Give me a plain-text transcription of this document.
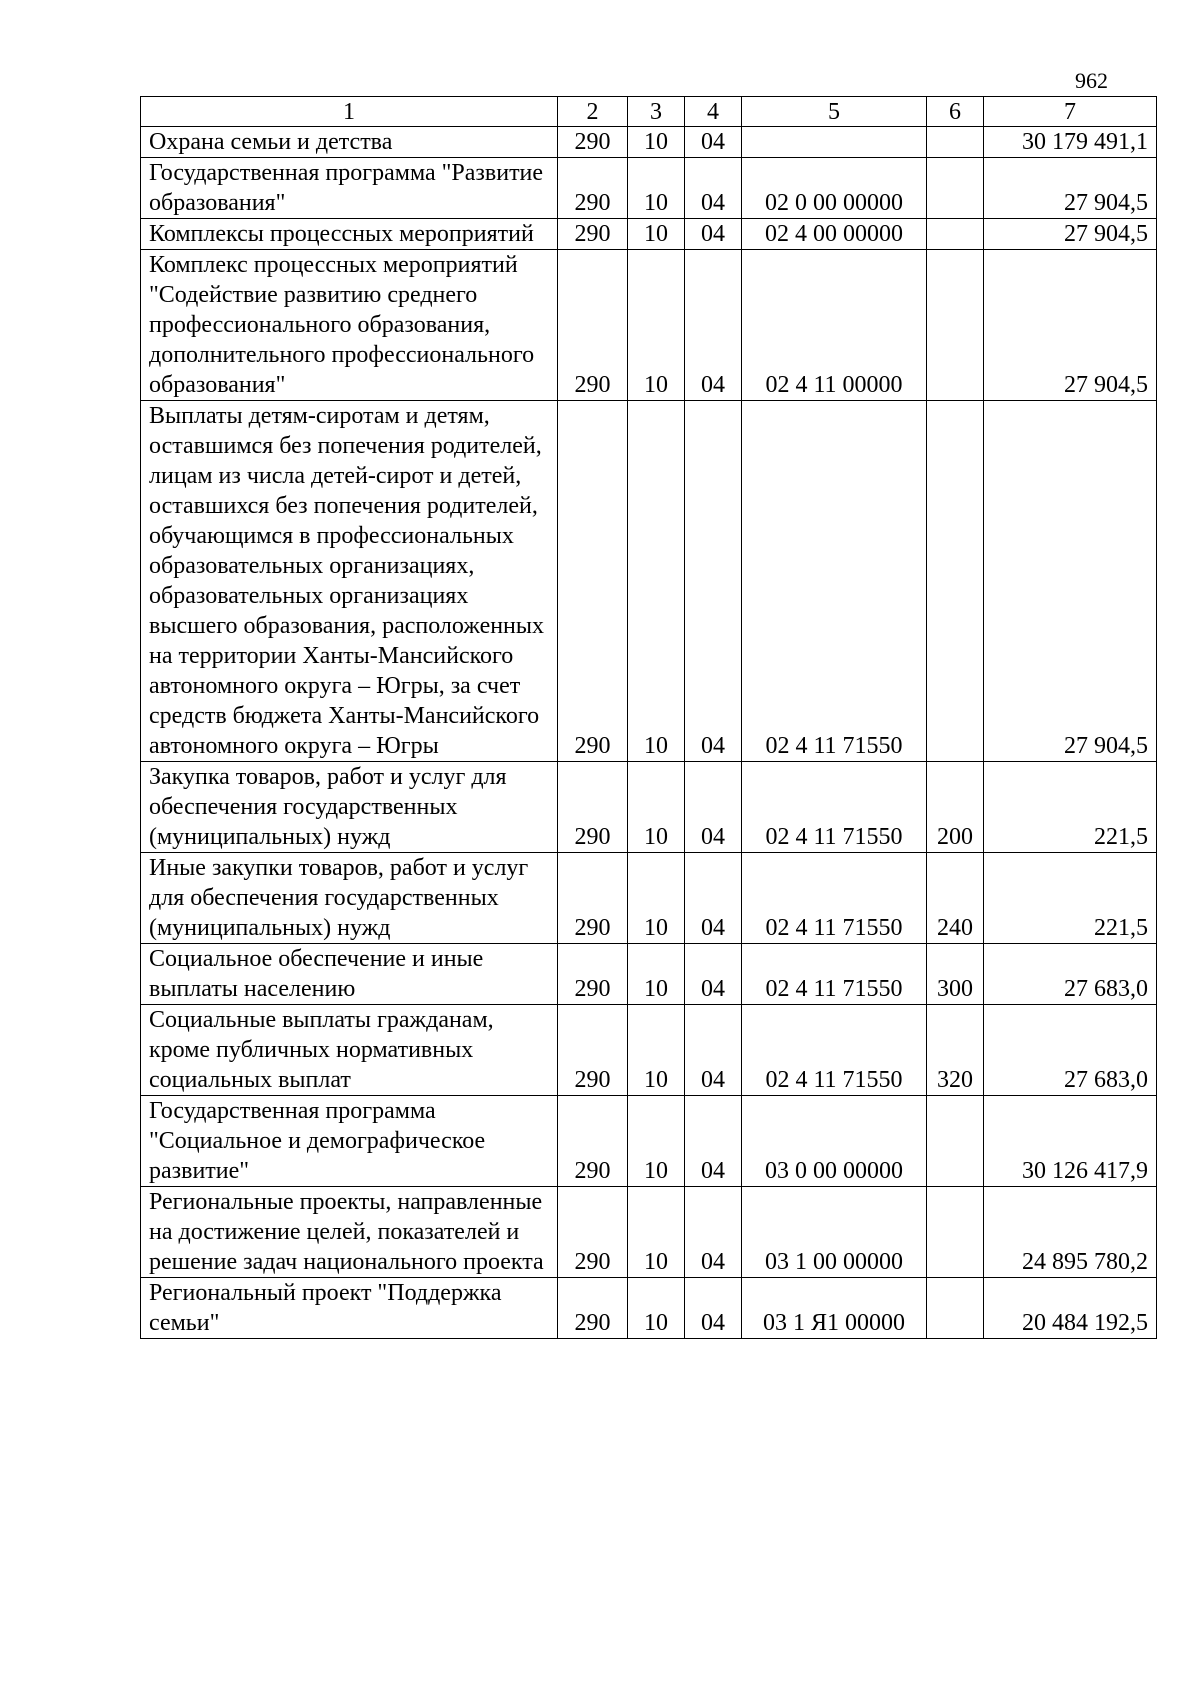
962
1	2	3	4	5	6	7
Охрана семьи и детства	290	10	04			30 179 491,1
Государственная программа "Развитие образования"	290	10	04	02 0 00 00000		27 904,5
Комплексы процессных мероприятий	290	10	04	02 4 00 00000		27 904,5
Комплекс процессных мероприятий "Содействие развитию среднего профессионального образования, дополнительного профессионального образования"	290	10	04	02 4 11 00000		27 904,5
Выплаты детям-сиротам и детям, оставшимся без попечения родителей, лицам из числа детей-сирот и детей, оставшихся без попечения родителей, обучающимся в профессиональных образовательных организациях, образовательных организациях высшего образования, расположенных на территории Ханты-Мансийского автономного округа – Югры, за счет средств бюджета Ханты-Мансийского автономного округа – Югры	290	10	04	02 4 11 71550		27 904,5
Закупка товаров, работ и услуг для обеспечения государственных (муниципальных) нужд	290	10	04	02 4 11 71550	200	221,5
Иные закупки товаров, работ и услуг для обеспечения государственных (муниципальных) нужд	290	10	04	02 4 11 71550	240	221,5
Социальное обеспечение и иные выплаты населению	290	10	04	02 4 11 71550	300	27 683,0
Социальные выплаты гражданам, кроме публичных нормативных социальных выплат	290	10	04	02 4 11 71550	320	27 683,0
Государственная программа "Социальное и демографическое развитие"	290	10	04	03 0 00 00000		30 126 417,9
Региональные проекты, направленные на достижение целей, показателей и решение задач национального проекта	290	10	04	03 1 00 00000		24 895 780,2
Региональный проект "Поддержка семьи"	290	10	04	03 1 Я1 00000		20 484 192,5
